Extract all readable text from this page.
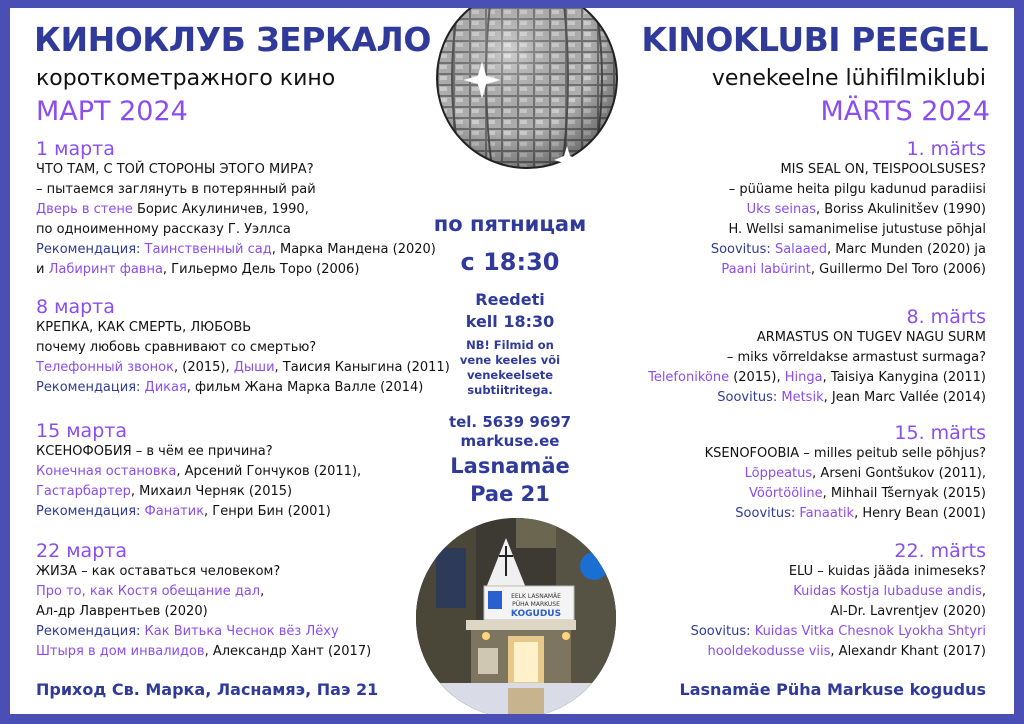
КИНОКЛУБ ЗЕРКАЛО
короткометражного кино
МАРТ 2024
KINOKLUBI PEEGEL
venekeelne lühifilmiklubi
MÄRTS 2024
1 марта
ЧТО ТАМ, С ТОЙ СТОРОНЫ ЭТОГО МИРА?
– пытаемся заглянуть в потерянный рай
Дверь в стене Борис Акулиничев, 1990,
по одноименному рассказу Г. Уэллса
Рекомендация: Таинственный сад, Марка Мандена (2020)
и Лабиринт фавна, Гильермо Дель Торо (2006)
8 марта
КРЕПКА, КАК СМЕРТЬ, ЛЮБОВЬ
почему любовь сравнивают со смертью?
Телефонный звонок, (2015), Дыши, Таисия Каныгина (2011)
Рекомендация: Дикая, фильм Жана Марка Валле (2014)
15 марта
КСЕНОФОБИЯ – в чём ее причина?
Конечная остановка, Арсений Гончуков (2011),
Гастарбартер, Михаил Черняк (2015)
Рекомендация: Фанатик, Генри Бин (2001)
22 марта
ЖИЗА – как оставаться человеком?
Про то, как Костя обещание дал,
Ал-др Лаврентьев (2020)
Рекомендация: Как Витька Чеснок вёз Лёху
Штыря в дом инвалидов, Александр Хант (2017)
Приход Св. Марка, Ласнамяэ, Паэ 21
1. märts
MIS SEAL ON, TEISPOOLSUSES?
– püüame heita pilgu kadunud paradiisi
Uks seinas, Boriss Akulinitšev (1990)
H. Wellsi samanimelise jutustuse põhjal
Soovitus: Salaaed, Marc Munden (2020) ja
Paani labürint, Guillermo Del Toro (2006)
8. märts
ARMASTUS ON TUGEV NAGU SURM
– miks võrreldakse armastust surmaga?
Telefoniköne (2015), Hinga, Taisiya Kanygina (2011)
Soovitus: Metsik, Jean Marc Vallée (2014)
15. märts
KSENOFOOBIA – milles peitub selle põhjus?
Lõppeatus, Arseni Gontšukov (2011),
Võõrtööline, Mihhail Tšernyak (2015)
Soovitus: Fanaatik, Henry Bean (2001)
22. märts
ELU – kuidas jääda inimeseks?
Kuidas Kostja lubaduse andis,
Al-Dr. Lavrentjev (2020)
Soovitus: Kuidas Vitka Chesnok Lyokha Shtyri
hooldekodusse viis, Alexandr Khant (2017)
Lasnamäe Püha Markuse kogudus
по пятницам
с 18:30
Reedeti
kell 18:30
NB! Filmid on
vene keeles või
venekeelsete
subtiitritega.
tel. 5639 9697
markuse.ee
Lasnamäe
Pae 21
EELK LASNAMÄE
PÜHA MARKUSE
KOGUDUS
